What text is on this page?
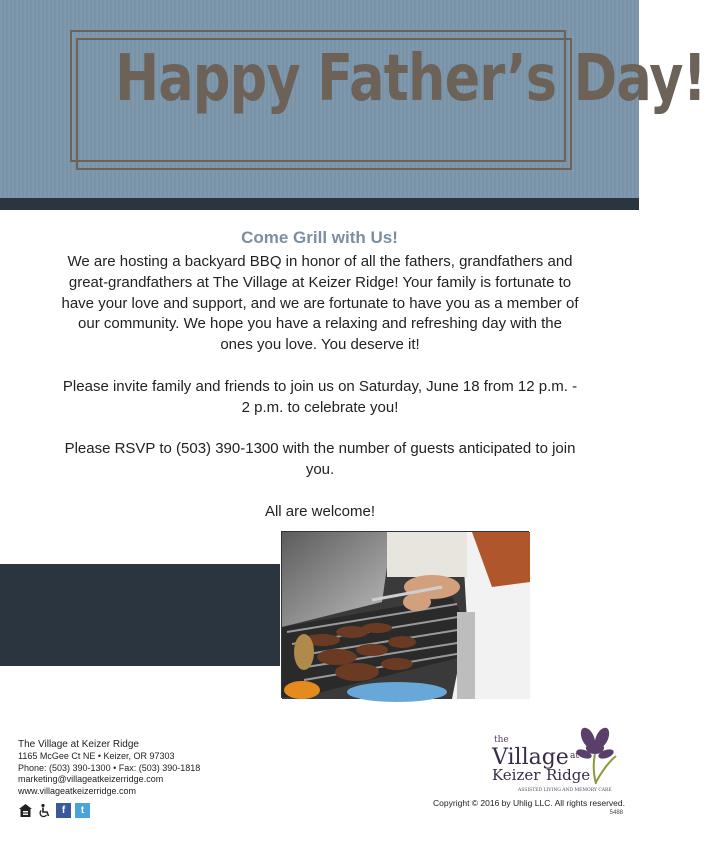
Happy Father’s Day!
Come Grill with Us!

We are hosting a backyard BBQ in honor of all the fathers, grandfathers and great-grandfathers at The Village at Keizer Ridge! Your family is fortunate to have your love and support, and we are fortunate to have you as a member of our community. We hope you have a relaxing and refreshing day with the ones you love. You deserve it!

Please invite family and friends to join us on Saturday, June 18 from 12 p.m. - 2 p.m. to celebrate you!

Please RSVP to (503) 390-1300 with the number of guests anticipated to join you.

All are welcome!

The Village at Keizer Ridge
1165 McGee Ct NE • Keizer, OR 97303
Phone: (503) 390-1300 • Fax: (503) 390-1818
marketing@villageatkeizerridge.com
www.villageatkeizerridge.com
f	t
the
Village at
Keizer Ridge
ASSISTED LIVING AND MEMORY CARE
Copyright © 2016 by Uhlig LLC. All rights reserved.
5488
